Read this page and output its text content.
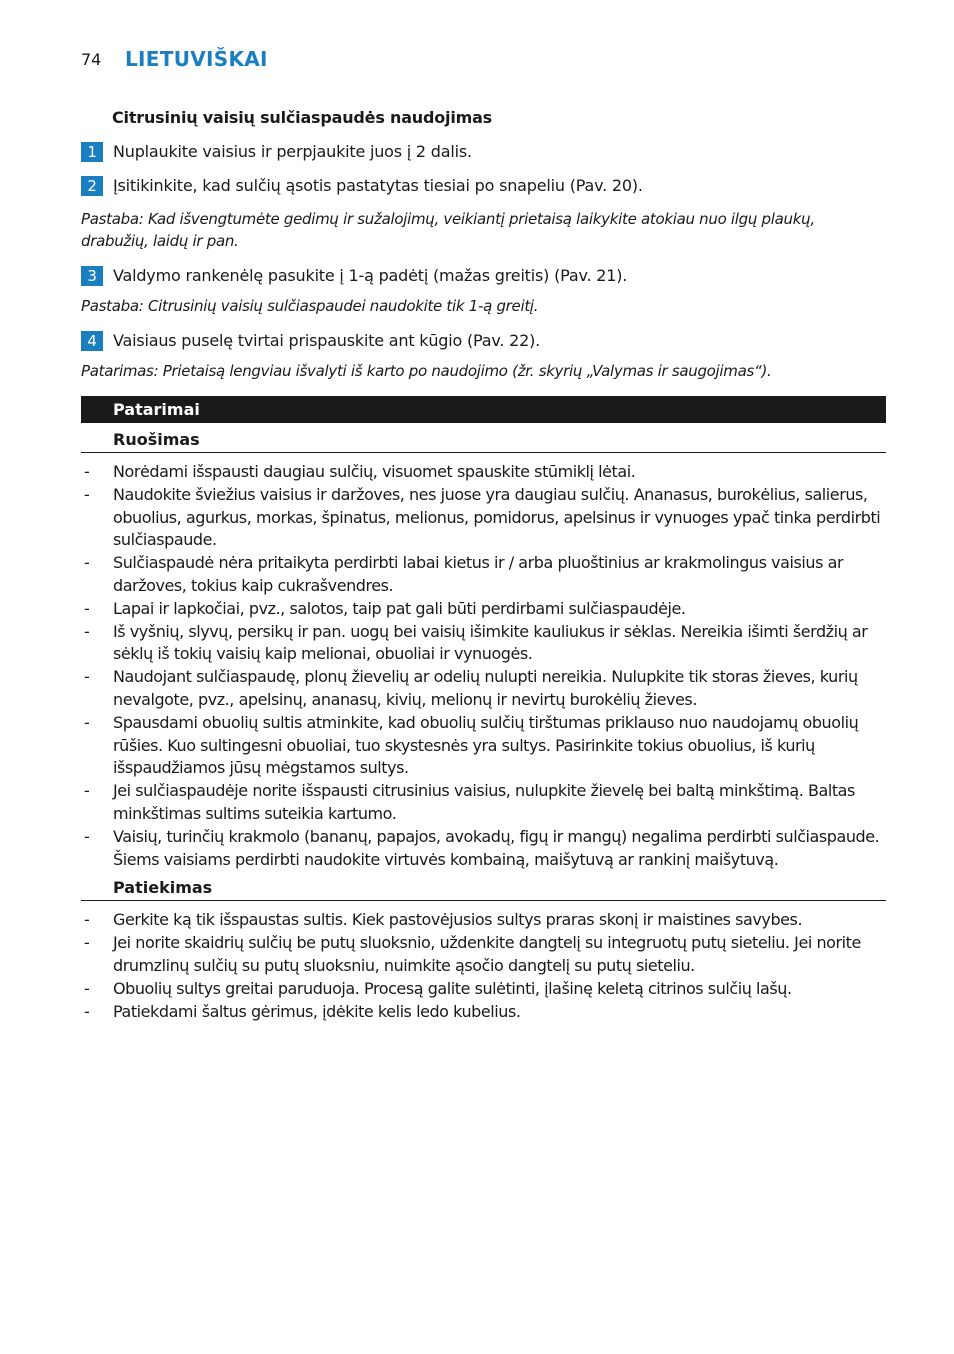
74 LIETUVIŠKAI
Citrusinių vaisių sulčiaspaudės naudojimas
1	Nuplaukite vaisius ir perpjaukite juos į 2 dalis.
2	Įsitikinkite, kad sulčių ąsotis pastatytas tiesiai po snapeliu (Pav. 20).
Pastaba: Kad išvengtumėte gedimų ir sužalojimų, veikiantį prietaisą laikykite atokiau nuo ilgų plaukų, drabužių, laidų ir pan.
3	Valdymo rankenėlę pasukite į 1-ą padėtį (mažas greitis) (Pav. 21).
Pastaba: Citrusinių vaisių sulčiaspaudei naudokite tik 1-ą greitį.
4	Vaisiaus puselę tvirtai prispauskite ant kūgio (Pav. 22).
Patarimas: Prietaisą lengviau išvalyti iš karto po naudojimo (žr. skyrių „Valymas ir saugojimas“).
Patarimai
Ruošimas
- Norėdami išspausti daugiau sulčių, visuomet spauskite stūmiklį lėtai.
- Naudokite šviežius vaisius ir daržoves, nes juose yra daugiau sulčių. Ananasus, burokėlius, salierus, obuolius, agurkus, morkas, špinatus, melionus, pomidorus, apelsinus ir vynuoges ypač tinka perdirbti sulčiaspaude.
- Sulčiaspaudė nėra pritaikyta perdirbti labai kietus ir / arba pluoštinius ar krakmolingus vaisius ar daržoves, tokius kaip cukrašvendres.
- Lapai ir lapkočiai, pvz., salotos, taip pat gali būti perdirbami sulčiaspaudėje.
- Iš vyšnių, slyvų, persikų ir pan. uogų bei vaisių išimkite kauliukus ir sėklas. Nereikia išimti šerdžių ar sėklų iš tokių vaisių kaip melionai, obuoliai ir vynuogės.
- Naudojant sulčiaspaudę, plonų žievelių ar odelių nulupti nereikia. Nulupkite tik storas žieves, kurių nevalgote, pvz., apelsinų, ananasų, kivių, melionų ir nevirtų burokėlių žieves.
- Spausdami obuolių sultis atminkite, kad obuolių sulčių tirštumas priklauso nuo naudojamų obuolių rūšies. Kuo sultingesni obuoliai, tuo skystesnės yra sultys. Pasirinkite tokius obuolius, iš kurių išspaudžiamos jūsų mėgstamos sultys.
- Jei sulčiaspaudėje norite išspausti citrusinius vaisius, nulupkite žievelę bei baltą minkštimą. Baltas minkštimas sultims suteikia kartumo.
- Vaisių, turinčių krakmolo (bananų, papajos, avokadų, figų ir mangų) negalima perdirbti sulčiaspaude. Šiems vaisiams perdirbti naudokite virtuvės kombainą, maišytuvą ar rankinį maišytuvą.
Patiekimas
- Gerkite ką tik išspaustas sultis. Kiek pastovėjusios sultys praras skonį ir maistines savybes.
- Jei norite skaidrių sulčių be putų sluoksnio, uždenkite dangtelį su integruotų putų sieteliu. Jei norite drumzlinų sulčių su putų sluoksniu, nuimkite ąsočio dangtelį su putų sieteliu.
- Obuolių sultys greitai paruduoja. Procesą galite sulėtinti, įlašinę keletą citrinos sulčių lašų.
- Patiekdami šaltus gėrimus, įdėkite kelis ledo kubelius.
